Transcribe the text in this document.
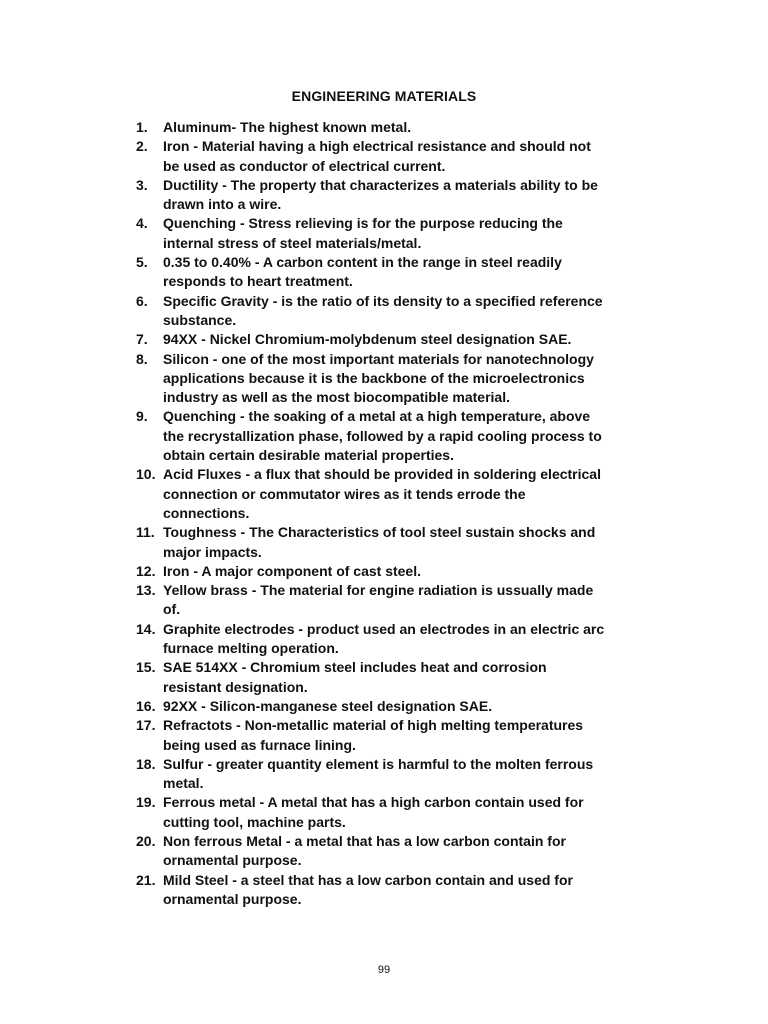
ENGINEERING MATERIALS
1.	Aluminum- The highest known metal.
2.	Iron - Material having a high electrical resistance and should not
be used as conductor of electrical current.
3.	Ductility - The property that characterizes a materials ability to be
drawn into a wire.
4.	Quenching - Stress relieving is for the purpose reducing the
internal stress of steel materials/metal.
5.	0.35 to 0.40% - A carbon content in the range in steel readily
responds to heart treatment.
6.	Specific Gravity - is the ratio of its density to a specified reference
substance.
7.	94XX - Nickel Chromium-molybdenum steel designation SAE.
8.	Silicon - one of the most important materials for nanotechnology
applications because it is the backbone of the microelectronics
industry as well as the most biocompatible material.
9.	Quenching - the soaking of a metal at a high temperature, above
the recrystallization phase, followed by a rapid cooling process to
obtain certain desirable material properties.
10. Acid Fluxes - a flux that should be provided in soldering electrical
connection or commutator wires as it tends errode the
connections.
11. Toughness - The Characteristics of tool steel sustain shocks and
major impacts.
12. Iron - A major component of cast steel.
13. Yellow brass - The material for engine radiation is ussually made
of.
14. Graphite electrodes - product used an electrodes in an electric arc
furnace melting operation.
15. SAE 514XX - Chromium steel includes heat and corrosion
resistant designation.
16. 92XX - Silicon-manganese steel designation SAE.
17. Refractots - Non-metallic material of high melting temperatures
being used as furnace lining.
18. Sulfur - greater quantity element is harmful to the molten ferrous
metal.
19. Ferrous metal - A metal that has a high carbon contain used for
cutting tool, machine parts.
20. Non ferrous Metal - a metal that has a low carbon contain for
ornamental purpose.
21. Mild Steel - a steel that has a low carbon contain and used for
ornamental purpose.
99
